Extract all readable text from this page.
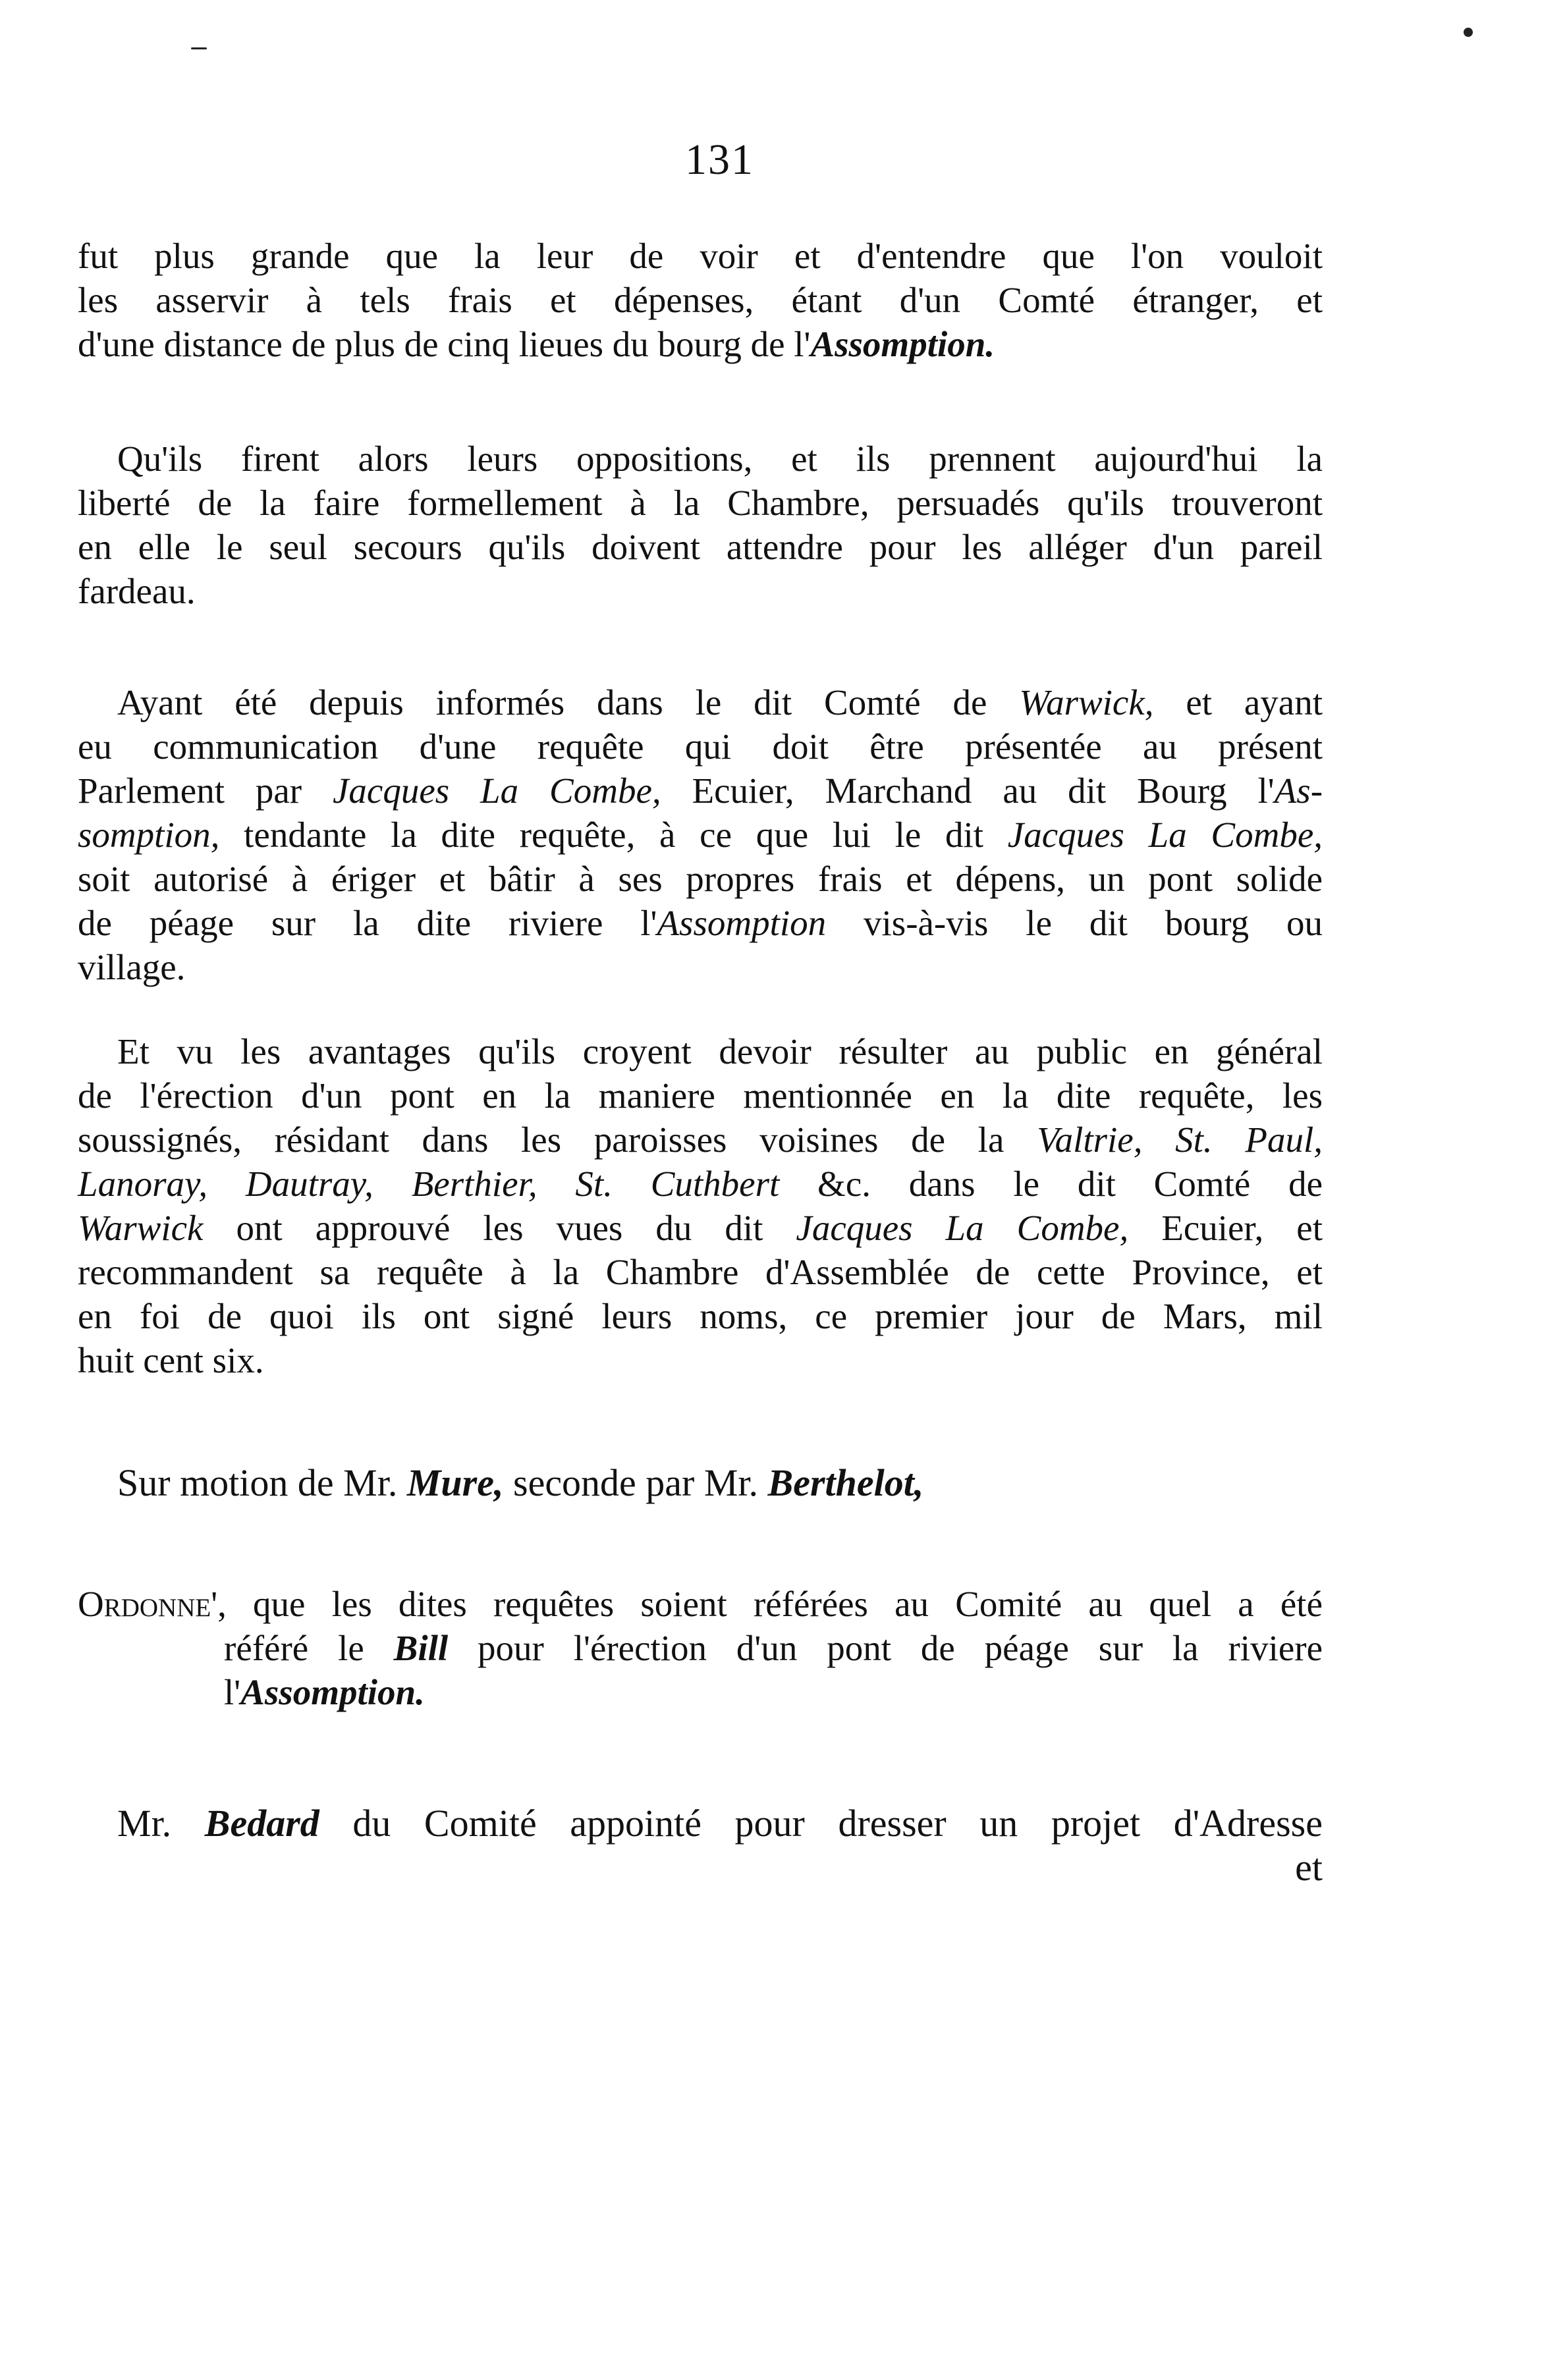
131
fut plus grande que la leur de voir et d'entendre que l'on vouloit
les asservir à tels frais et dépenses, étant d'un Comté étranger, et
d'une distance de plus de cinq lieues du bourg de l'Assomption.
Qu'ils firent alors leurs oppositions, et ils prennent aujourd'hui la
liberté de la faire formellement à la Chambre, persuadés qu'ils trouveront
en elle le seul secours qu'ils doivent attendre pour les alléger d'un pareil
fardeau.
Ayant été depuis informés dans le dit Comté de Warwick, et ayant
eu communication d'une requête qui doit être présentée au présent
Parlement par Jacques La Combe, Ecuier, Marchand au dit Bourg l'As-
somption, tendante la dite requête, à ce que lui le dit Jacques La Combe,
soit autorisé à ériger et bâtir à ses propres frais et dépens, un pont solide
de péage sur la dite riviere l'Assomption vis-à-vis le dit bourg ou
village.
Et vu les avantages qu'ils croyent devoir résulter au public en général
de l'érection d'un pont en la maniere mentionnée en la dite requête, les
soussignés, résidant dans les paroisses voisines de la Valtrie, St. Paul,
Lanoray, Dautray, Berthier, St. Cuthbert &c. dans le dit Comté de
Warwick ont approuvé les vues du dit Jacques La Combe, Ecuier, et
recommandent sa requête à la Chambre d'Assemblée de cette Province, et
en foi de quoi ils ont signé leurs noms, ce premier jour de Mars, mil
huit cent six.
Sur motion de Mr. Mure, seconde par Mr. Berthelot,
Ordonne', que les dites requêtes soient référées au Comité au quel a été
référé le Bill pour l'érection d'un pont de péage sur la riviere
l'Assomption.
Mr. Bedard du Comité appointé pour dresser un projet d'Adresse
et
